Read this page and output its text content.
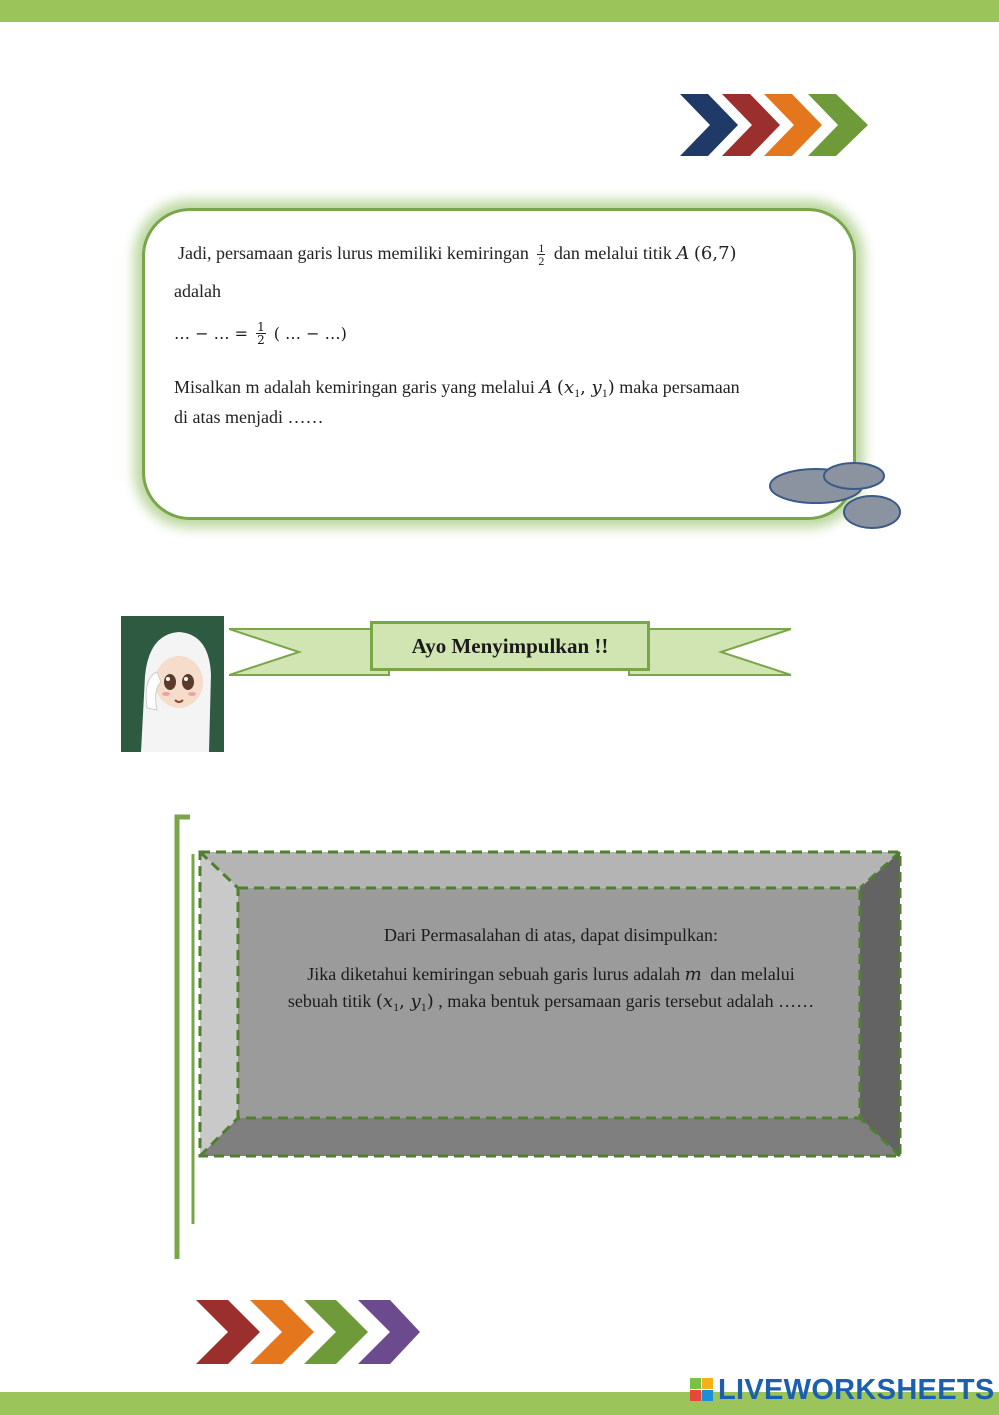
Jadi, persamaan garis lurus memiliki kemiringan $\frac{1}{2}$ dan melalui titik A (6,7)
adalah
… − … = $\frac{1}{2}$ ( … − …)
Misalkan m adalah kemiringan garis yang melalui A ($x_1$, $y_1$) maka persamaan
di atas menjadi ……
Ayo Menyimpulkan !!
Dari Permasalahan di atas, dapat disimpulkan:
Jika diketahui kemiringan sebuah garis lurus adalah m dan melalui
sebuah titik ($x_1$, $y_1$) , maka bentuk persamaan garis tersebut adalah ……
LIVEWORKSHEETS
